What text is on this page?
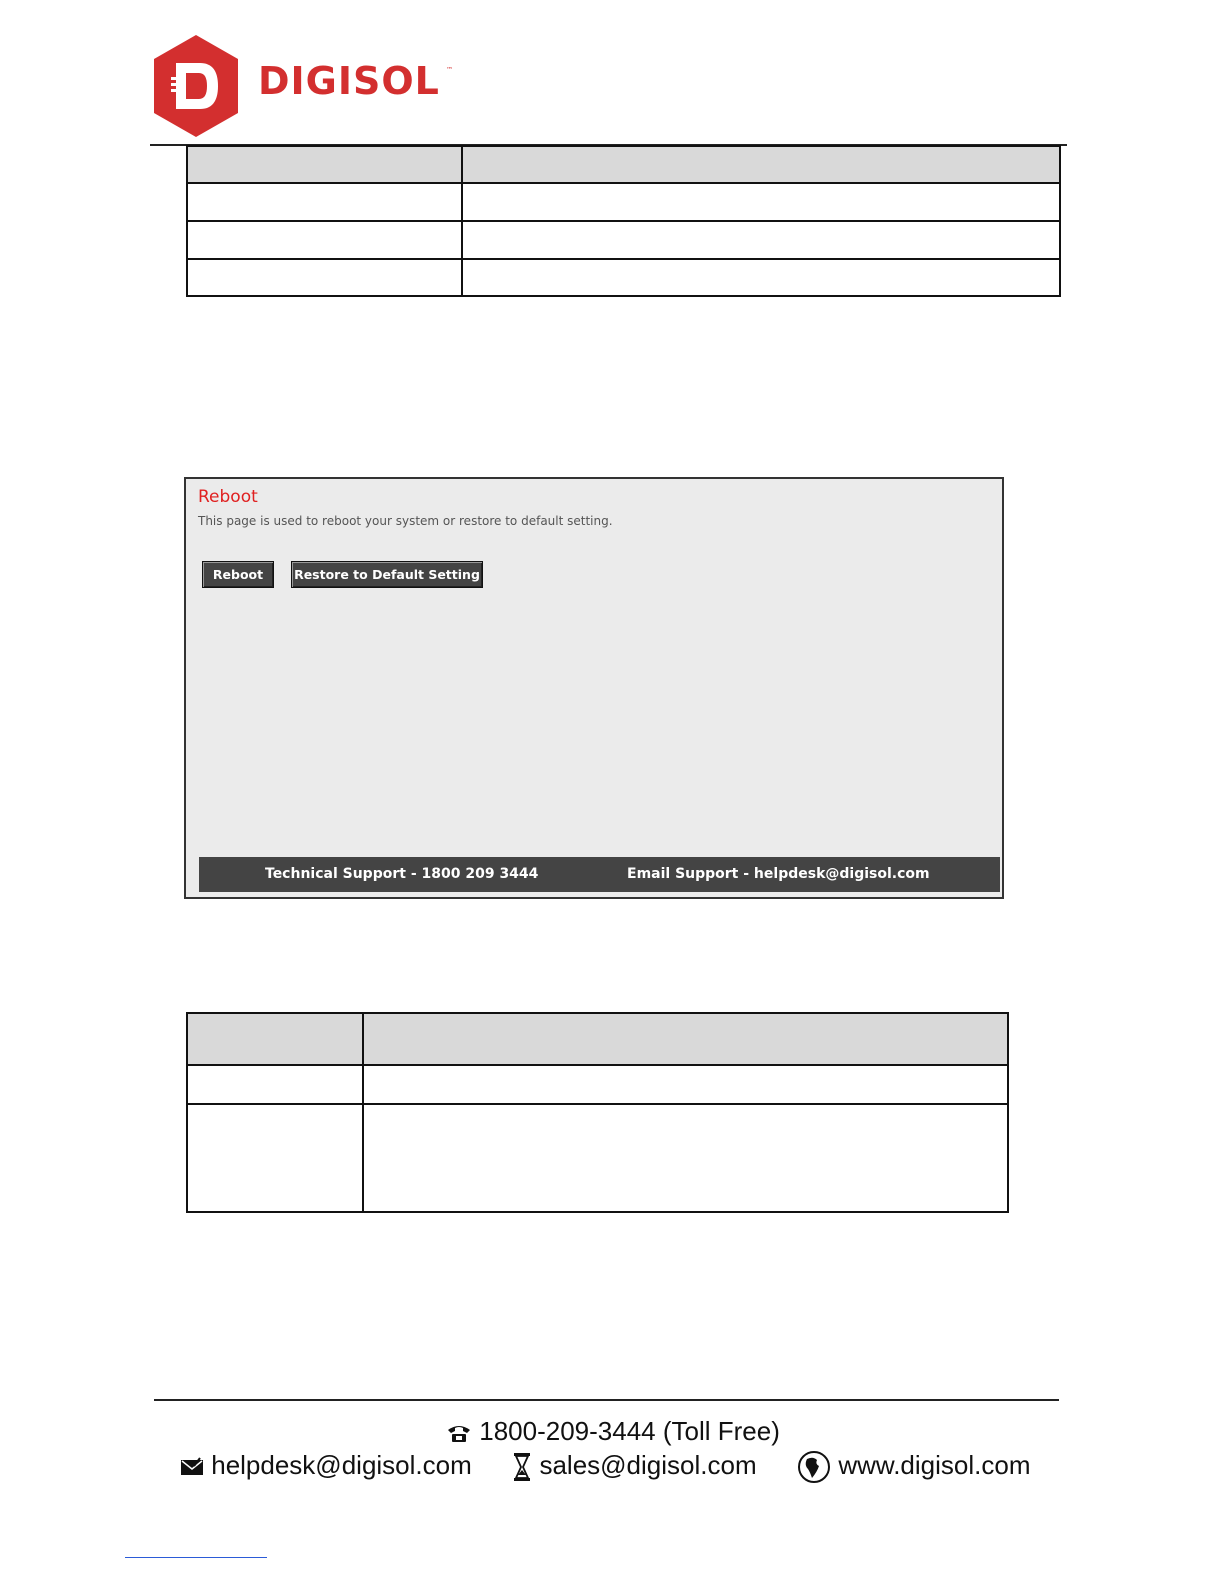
DIGISOL ™

Reboot
This page is used to reboot your system or restore to default setting.
Reboot	Restore to Default Setting
Technical Support - 1800 209 3444	Email Support - helpdesk@digisol.com

1800-209-3444 (Toll Free)
helpdesk@digisol.com	sales@digisol.com	www.digisol.com
